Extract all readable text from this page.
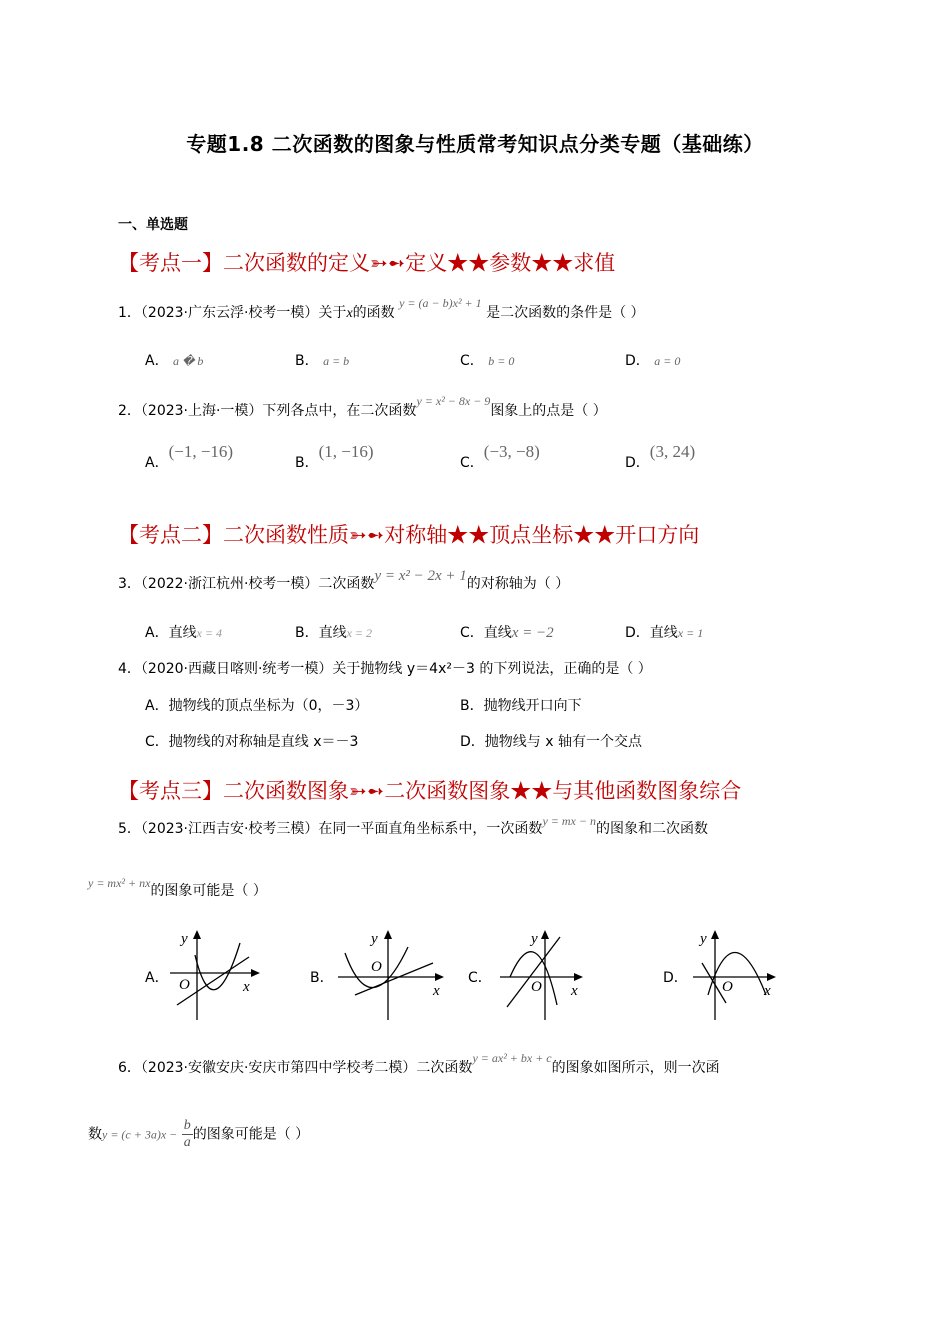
专题1.8 二次函数的图象与性质常考知识点分类专题（基础练）
一、单选题
【考点一】二次函数的定义➳➻定义★★参数★★求值
1．（2023·广东云浮·校考一模）关于x的函数 y = (a − b)x² + 1 是二次函数的条件是（ ）
A． a � b	B． a = b	C． b = 0	D． a = 0
2．（2023·上海·一模）下列各点中，在二次函数y = x² − 8x − 9图象上的点是（ ）
A．(−1, −16)
B．(1, −16)
C．(−3, −8)
D．(3, 24)
【考点二】二次函数性质➳➻对称轴★★顶点坐标★★开口方向
3．（2022·浙江杭州·校考一模）二次函数y = x² − 2x + 1的对称轴为（ ）
A．直线x = 4	B．直线x = 2	C．直线x = −2	D．直线x = 1
4．（2020·西藏日喀则·统考一模）关于抛物线 y＝4x²－3 的下列说法，正确的是（ ）
A．抛物线的顶点坐标为（0，－3）	B．抛物线开口向下
C．抛物线的对称轴是直线 x＝－3	D．抛物线与 x 轴有一个交点
【考点三】二次函数图象➳➻二次函数图象★★与其他函数图象综合
5．（2023·江西吉安·校考三模）在同一平面直角坐标系中，一次函数y = mx − n的图象和二次函数
y = mx² + nx的图象可能是（ ）
A．
y
x
O	B．
y
x
O
C．
y
x
O
D．
y
x
O
6．（2023·安徽安庆·安庆市第四中学校考二模）二次函数y = ax² + bx + c的图象如图所示，则一次函
数$y = (c + 3a)x - \frac{b}{a}$ 的图象可能是（ ）
